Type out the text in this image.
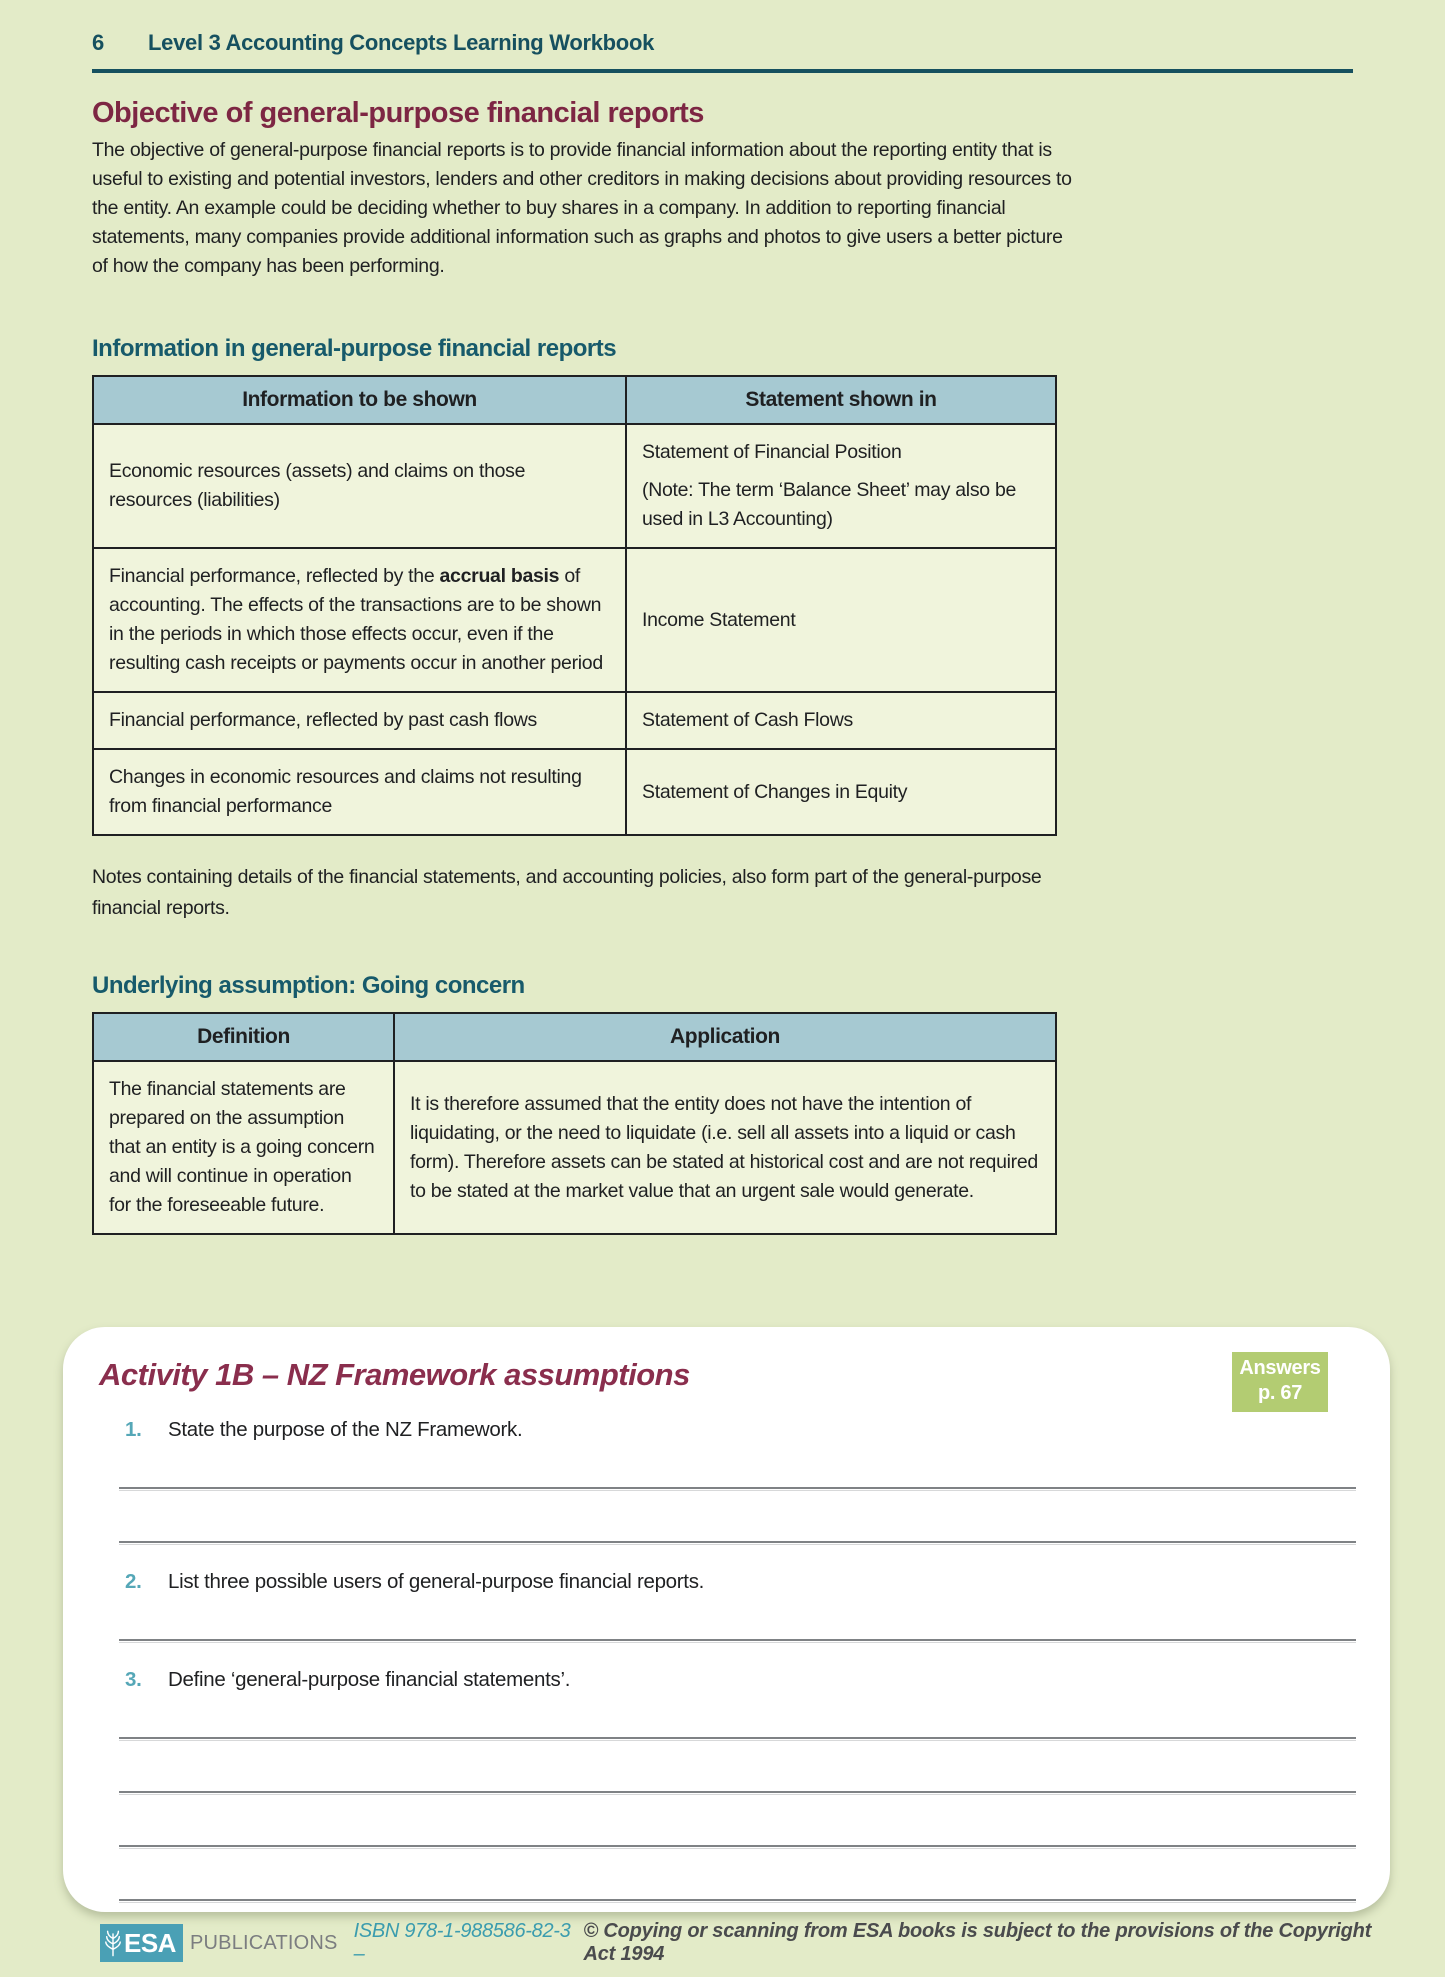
6	Level 3 Accounting Concepts Learning Workbook
Objective of general-purpose financial reports

The objective of general-purpose financial reports is to provide financial information about the reporting entity that is useful to existing and potential investors, lenders and other creditors in making decisions about providing resources to the entity. An example could be deciding whether to buy shares in a company. In addition to reporting financial statements, many companies provide additional information such as graphs and photos to give users a better picture of how the company has been performing.

Information in general-purpose financial reports
Information to be shown	Statement shown in
Economic resources (assets) and claims on those resources (liabilities)	Statement of Financial Position

(Note: The term ‘Balance Sheet’ may also be used in L3 Accounting)

Financial performance, reflected by the accrual basis of accounting. The effects of the transactions are to be shown in the periods in which those effects occur, even if the resulting cash receipts or payments occur in another period	Income Statement
Financial performance, reflected by past cash flows	Statement of Cash Flows
Changes in economic resources and claims not resulting from financial performance	Statement of Changes in Equity

Notes containing details of the financial statements, and accounting policies, also form part of the general-purpose financial reports.

Underlying assumption: Going concern
Definition	Application
The financial statements are prepared on the assumption that an entity is a going concern and will continue in operation for the foreseeable future.	It is therefore assumed that the entity does not have the intention of liquidating, or the need to liquidate (i.e. sell all assets into a liquid or cash form). Therefore assets can be stated at historical cost and are not required to be stated at the market value that an urgent sale would generate.
Activity 1B – NZ Framework assumptions	Answers
p. 67
1.	State the purpose of the NZ Framework.
2.	List three possible users of general-purpose financial reports.
3.	Define ‘general-purpose financial statements’.
ESA PUBLICATIONS
ISBN 978-1-988586-82-3 –
© Copying or scanning from ESA books is subject to the provisions of the Copyright Act 1994
